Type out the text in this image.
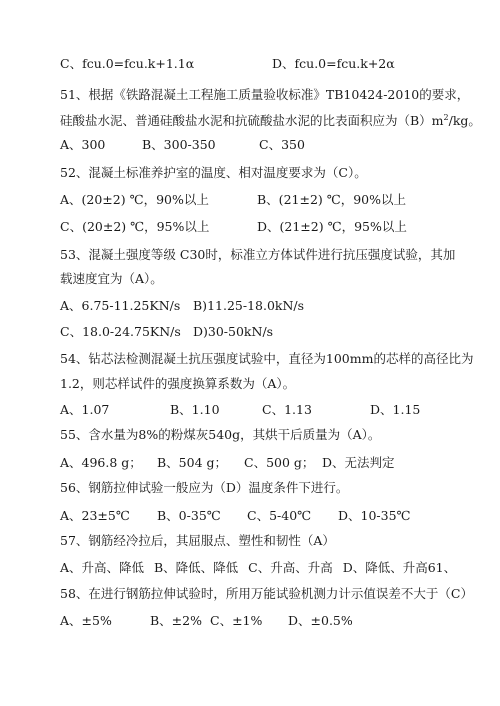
C、fcu.0=fcu.k+1.1α	D、fcu.0=fcu.k+2α
51、根据《铁路混凝土工程施工质量验收标准》TB10424-2010的要求，
硅酸盐水泥、普通硅酸盐水泥和抗硫酸盐水泥的比表面积应为$(B)m^2/kg$。
A、300	B、300-350	C、350
52、混凝土标准养护室的温度、相对温度要求为（C）。
A、(20±2) ℃，90%以上	B、(21±2) ℃，90%以上
C、(20±2) ℃，95%以上	D、(21±2) ℃，95%以上
53、混凝土强度等级 C30时，标准立方体试件进行抗压强度试验，其加
载速度宜为（A）。
A、6.75-11.25KN/s B)11.25-18.0kN/s
C、18.0-24.75KN/s D)30-50kN/s
54、钻芯法检测混凝土抗压强度试验中，直径为100mm的芯样的高径比为
1.2，则芯样试件的强度换算系数为（A）。
A、1.07	B、1.10	C、1.13	D、1.15
55、含水量为8%的粉煤灰540g，其烘干后质量为（A）。
A、496.8 g； B、504 g； C、500 g； D、无法判定
56、钢筋拉伸试验一般应为（D）温度条件下进行。
A、23±5℃ B、0-35℃ C、5-40℃ D、10-35℃
57、钢筋经冷拉后，其屈服点、塑性和韧性（A）
A、升高、降低 B、降低、降低 C、升高、升高 D、降低、升高61、
58、在进行钢筋拉伸试验时，所用万能试验机测力计示值误差不大于（C）
A、±5%	B、±2% C、±1% D、±0.5%
